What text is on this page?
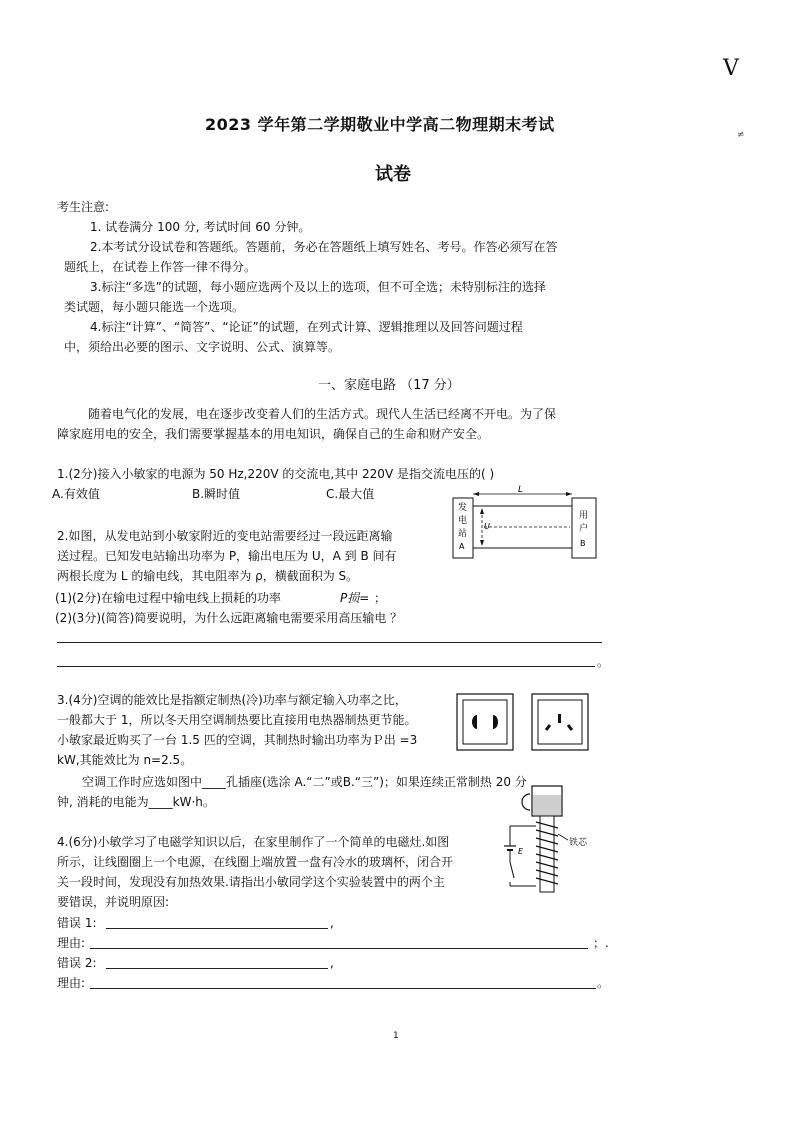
V
2023 学年第二学期敬业中学高二物理期末考试
≠
试卷
考生注意:
1. 试卷满分 100 分, 考试时间 60 分钟。
2.本考试分设试卷和答题纸。答题前，务必在答题纸上填写姓名、考号。作答必须写在答
题纸上，在试卷上作答一律不得分。
3.标注“多选”的试题，每小题应选两个及以上的选项，但不可全选；未特别标注的选择
类试题，每小题只能选一个选项。
4.标注“计算”、“简答”、“论证”的试题，在列式计算、逻辑推理以及回答问题过程
中，须给出必要的图示、文字说明、公式、演算等。
一、家庭电路 （17 分）
随着电气化的发展，电在逐步改变着人们的生活方式。现代人生活已经离不开电。为了保
障家庭用电的安全，我们需要掌握基本的用电知识，确保自己的生命和财产安全。
1.(2分)接入小敏家的电源为 50 Hz,220V 的交流电,其中 220V 是指交流电压的( )
A.有效值	B.瞬时值	C.最大值	L
U
发
电
站
A
用
户
B
2.如图，从发电站到小敏家附近的变电站需要经过一段远距离输
送过程。已知发电站输出功率为 P，输出电压为 U，A 到 B 间有
两根长度为 L 的输电线，其电阻率为 ρ，横截面积为 S。
(1)(2分)在输电过程中输电线上损耗的功率	P损= ；
(2)(3分)(简答)简要说明，为什么远距离输电需要采用高压输电 ？
。
3.(4分)空调的能效比是指额定制热(冷)功率与额定输入功率之比，
一般都大于 1，所以冬天用空调制热要比直接用电热器制热更节能。
小敏家最近购买了一台 1.5 匹的空调，其制热时输出功率为Ｐ出 =3
kW,其能效比为 n=2.5。
空调工作时应选如图中____孔插座(选涂 A.“二”或B.“三”)；如果连续正常制热 20 分
钟, 消耗的电能为____kW·h。
铁芯
E
4.(6分)小敏学习了电磁学知识以后，在家里制作了一个简单的电磁灶.如图
所示，让线圈圈上一个电源，在线圈上端放置一盘有冷水的玻璃杯，闭合开
关一段时间，发现没有加热效果.请指出小敏同学这个实验装置中的两个主
要错误，并说明原因:
错误 1:	,
理由:	；.
错误 2:	,
理由:	。
1
